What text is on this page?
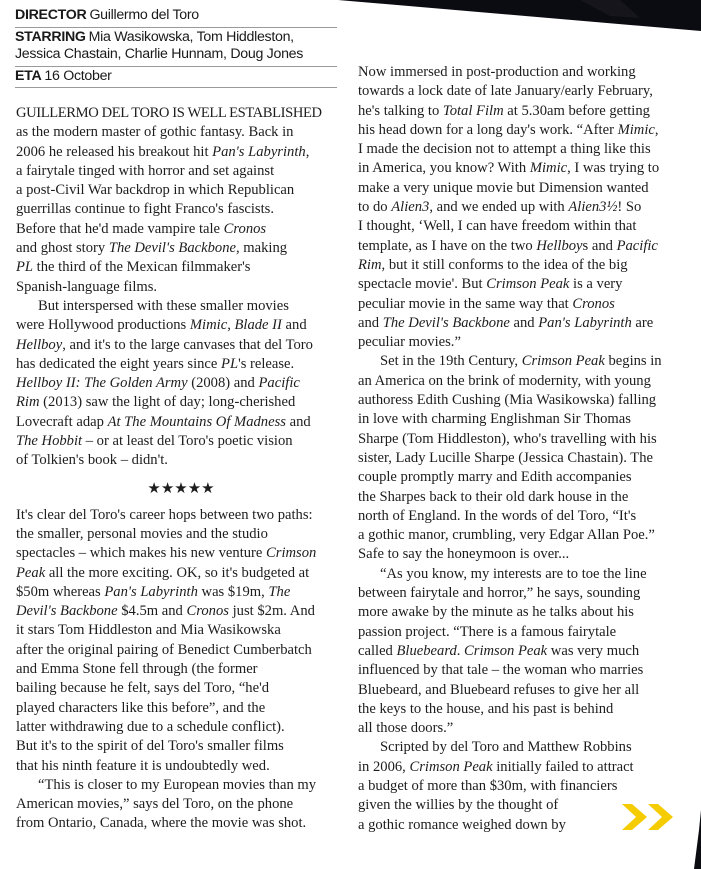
DIRECTOR Guillermo del Toro
STARRING Mia Wasikowska, Tom Hiddleston,
Jessica Chastain, Charlie Hunnam, Doug Jones
ETA 16 October
GUILLERMO DEL TORO IS WELL ESTABLISHED
as the modern master of gothic fantasy. Back in
2006 he released his breakout hit Pan's Labyrinth,
a fairytale tinged with horror and set against
a post-Civil War backdrop in which Republican
guerrillas continue to fight Franco's fascists.
Before that he'd made vampire tale Cronos
and ghost story The Devil's Backbone, making
PL the third of the Mexican filmmaker's
Spanish-language films.
But interspersed with these smaller movies
were Hollywood productions Mimic, Blade II and
Hellboy, and it's to the large canvases that del Toro
has dedicated the eight years since PL's release.
Hellboy II: The Golden Army (2008) and Pacific
Rim (2013) saw the light of day; long-cherished
Lovecraft adap At The Mountains Of Madness and
The Hobbit – or at least del Toro's poetic vision
of Tolkien's book – didn't.
★★★★★
It's clear del Toro's career hops between two paths:
the smaller, personal movies and the studio
spectacles – which makes his new venture Crimson
Peak all the more exciting. OK, so it's budgeted at
$50m whereas Pan's Labyrinth was $19m, The
Devil's Backbone $4.5m and Cronos just $2m. And
it stars Tom Hiddleston and Mia Wasikowska
after the original pairing of Benedict Cumberbatch
and Emma Stone fell through (the former
bailing because he felt, says del Toro, “he'd
played characters like this before”, and the
latter withdrawing due to a schedule conflict).
But it's to the spirit of del Toro's smaller films
that his ninth feature it is undoubtedly wed.
“This is closer to my European movies than my
American movies,” says del Toro, on the phone
from Ontario, Canada, where the movie was shot.
Now immersed in post-production and working
towards a lock date of late January/early February,
he's talking to Total Film at 5.30am before getting
his head down for a long day's work. “After Mimic,
I made the decision not to attempt a thing like this
in America, you know? With Mimic, I was trying to
make a very unique movie but Dimension wanted
to do Alien3, and we ended up with Alien3½! So
I thought, ‘Well, I can have freedom within that
template, as I have on the two Hellboys and Pacific
Rim, but it still conforms to the idea of the big
spectacle movie'. But Crimson Peak is a very
peculiar movie in the same way that Cronos
and The Devil's Backbone and Pan's Labyrinth are
peculiar movies.”
Set in the 19th Century, Crimson Peak begins in
an America on the brink of modernity, with young
authoress Edith Cushing (Mia Wasikowska) falling
in love with charming Englishman Sir Thomas
Sharpe (Tom Hiddleston), who's travelling with his
sister, Lady Lucille Sharpe (Jessica Chastain). The
couple promptly marry and Edith accompanies
the Sharpes back to their old dark house in the
north of England. In the words of del Toro, “It's
a gothic manor, crumbling, very Edgar Allan Poe.”
Safe to say the honeymoon is over...
“As you know, my interests are to toe the line
between fairytale and horror,” he says, sounding
more awake by the minute as he talks about his
passion project. “There is a famous fairytale
called Bluebeard. Crimson Peak was very much
influenced by that tale – the woman who marries
Bluebeard, and Bluebeard refuses to give her all
the keys to the house, and his past is behind
all those doors.”
Scripted by del Toro and Matthew Robbins
in 2006, Crimson Peak initially failed to attract
a budget of more than $30m, with financiers
given the willies by the thought of
a gothic romance weighed down by
